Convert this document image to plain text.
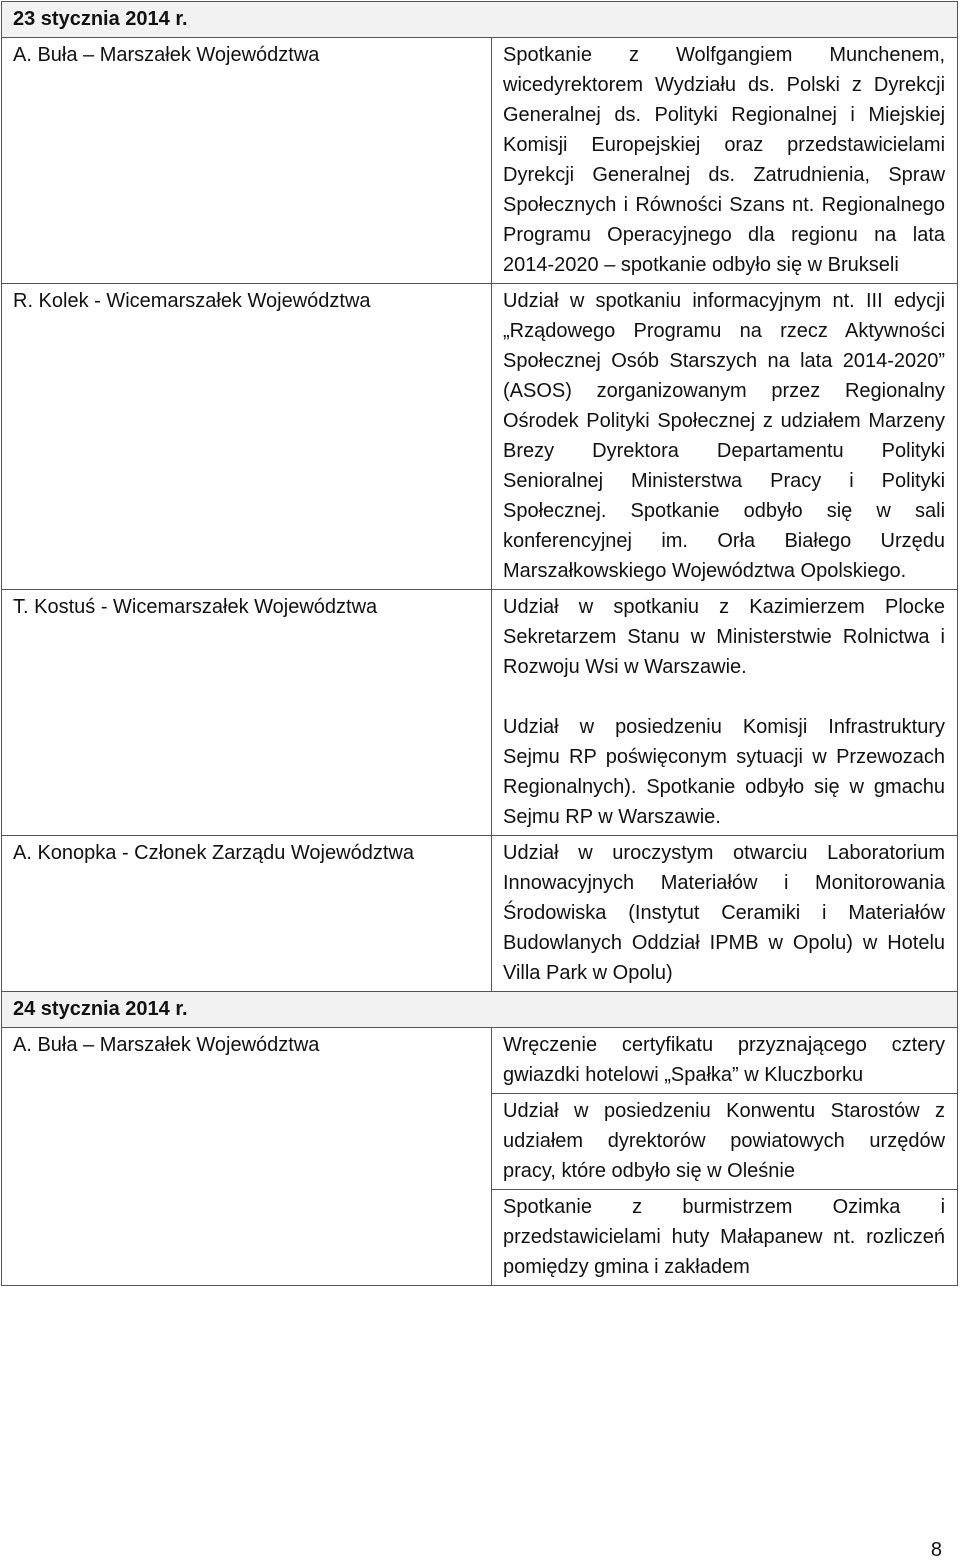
23 stycznia 2014 r.	
A. Buła – Marszałek Województwa	Spotkanie z Wolfgangiem Munchenem, wicedyrektorem Wydziału ds. Polski z Dyrekcji Generalnej ds. Polityki Regionalnej i Miejskiej Komisji Europejskiej oraz przedstawicielami Dyrekcji Generalnej ds. Zatrudnienia, Spraw Społecznych i Równości Szans nt. Regionalnego Programu Operacyjnego dla regionu na lata 2014-2020 – spotkanie odbyło się w Brukseli

R. Kolek - Wicemarszałek Województwa	Udział w spotkaniu informacyjnym nt. III edycji „Rządowego Programu na rzecz Aktywności Społecznej Osób Starszych na lata 2014-2020” (ASOS) zorganizowanym przez Regionalny Ośrodek Polityki Społecznej z udziałem Marzeny Brezy Dyrektora Departamentu Polityki Senioralnej Ministerstwa Pracy i Polityki Społecznej. Spotkanie odbyło się w sali konferencyjnej im. Orła Białego Urzędu Marszałkowskiego Województwa Opolskiego.

T. Kostuś - Wicemarszałek Województwa	Udział w spotkaniu z Kazimierzem Plocke Sekretarzem Stanu w Ministerstwie Rolnictwa i Rozwoju Wsi w Warszawie.
Udział w posiedzeniu Komisji Infrastruktury Sejmu RP poświęconym sytuacji w Przewozach Regionalnych). Spotkanie odbyło się w gmachu Sejmu RP w Warszawie.

A. Konopka - Członek Zarządu Województwa	Udział w uroczystym otwarciu Laboratorium Innowacyjnych Materiałów i Monitorowania Środowiska (Instytut Ceramiki i Materiałów Budowlanych Oddział IPMB w Opolu) w Hotelu Villa Park w Opolu)

24 stycznia 2014 r.	
A. Buła – Marszałek Województwa	Wręczenie certyfikatu przyznającego cztery gwiazdki hotelowi „Spałka” w Kluczborku

	Udział w posiedzeniu Konwentu Starostów z udziałem dyrektorów powiatowych urzędów pracy, które odbyło się w Oleśnie

	Spotkanie z burmistrzem Ozimka i przedstawicielami huty Małapanew nt. rozliczeń pomiędzy gmina i zakładem
8
